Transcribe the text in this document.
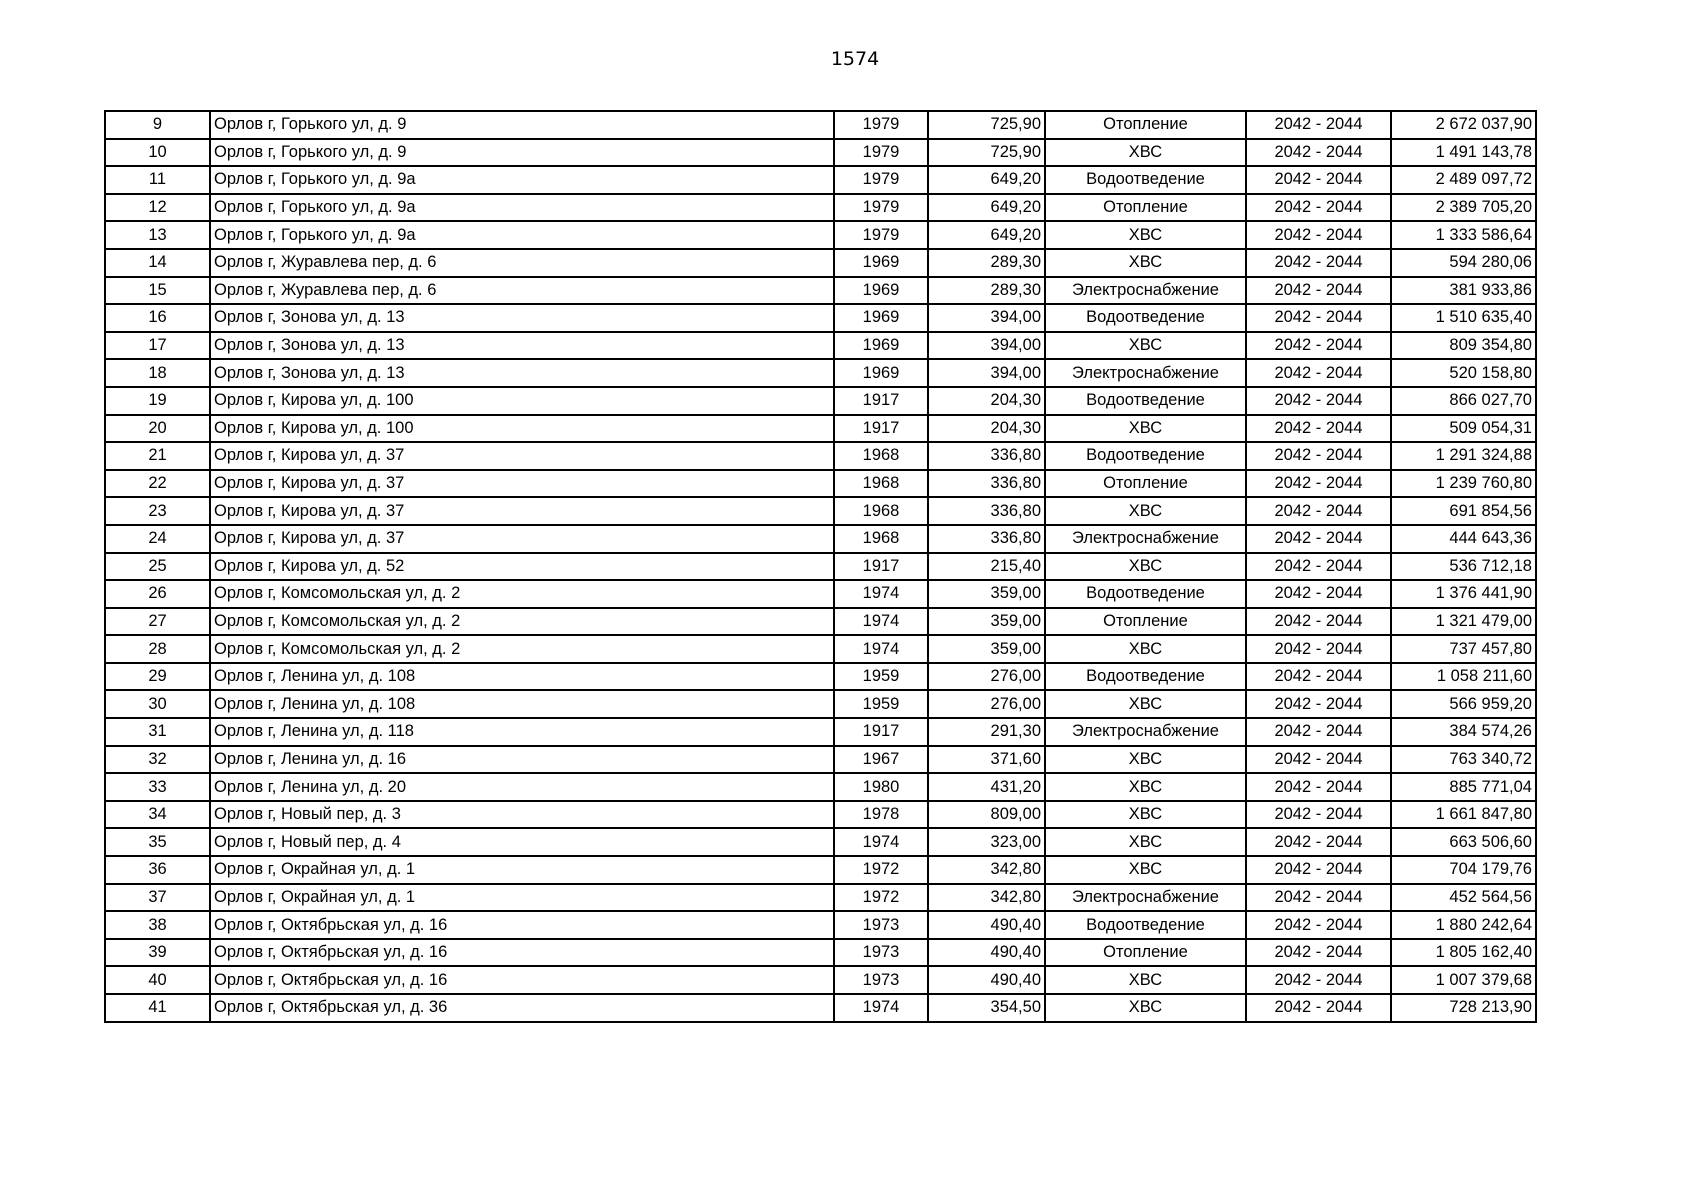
1574
9	Орлов г, Горького ул, д. 9	1979	725,90	Отопление	2042 - 2044	2 672 037,90
10	Орлов г, Горького ул, д. 9	1979	725,90	ХВС	2042 - 2044	1 491 143,78
11	Орлов г, Горького ул, д. 9а	1979	649,20	Водоотведение	2042 - 2044	2 489 097,72
12	Орлов г, Горького ул, д. 9а	1979	649,20	Отопление	2042 - 2044	2 389 705,20
13	Орлов г, Горького ул, д. 9а	1979	649,20	ХВС	2042 - 2044	1 333 586,64
14	Орлов г, Журавлева пер, д. 6	1969	289,30	ХВС	2042 - 2044	594 280,06
15	Орлов г, Журавлева пер, д. 6	1969	289,30	Электроснабжение	2042 - 2044	381 933,86
16	Орлов г, Зонова ул, д. 13	1969	394,00	Водоотведение	2042 - 2044	1 510 635,40
17	Орлов г, Зонова ул, д. 13	1969	394,00	ХВС	2042 - 2044	809 354,80
18	Орлов г, Зонова ул, д. 13	1969	394,00	Электроснабжение	2042 - 2044	520 158,80
19	Орлов г, Кирова ул, д. 100	1917	204,30	Водоотведение	2042 - 2044	866 027,70
20	Орлов г, Кирова ул, д. 100	1917	204,30	ХВС	2042 - 2044	509 054,31
21	Орлов г, Кирова ул, д. 37	1968	336,80	Водоотведение	2042 - 2044	1 291 324,88
22	Орлов г, Кирова ул, д. 37	1968	336,80	Отопление	2042 - 2044	1 239 760,80
23	Орлов г, Кирова ул, д. 37	1968	336,80	ХВС	2042 - 2044	691 854,56
24	Орлов г, Кирова ул, д. 37	1968	336,80	Электроснабжение	2042 - 2044	444 643,36
25	Орлов г, Кирова ул, д. 52	1917	215,40	ХВС	2042 - 2044	536 712,18
26	Орлов г, Комсомольская ул, д. 2	1974	359,00	Водоотведение	2042 - 2044	1 376 441,90
27	Орлов г, Комсомольская ул, д. 2	1974	359,00	Отопление	2042 - 2044	1 321 479,00
28	Орлов г, Комсомольская ул, д. 2	1974	359,00	ХВС	2042 - 2044	737 457,80
29	Орлов г, Ленина ул, д. 108	1959	276,00	Водоотведение	2042 - 2044	1 058 211,60
30	Орлов г, Ленина ул, д. 108	1959	276,00	ХВС	2042 - 2044	566 959,20
31	Орлов г, Ленина ул, д. 118	1917	291,30	Электроснабжение	2042 - 2044	384 574,26
32	Орлов г, Ленина ул, д. 16	1967	371,60	ХВС	2042 - 2044	763 340,72
33	Орлов г, Ленина ул, д. 20	1980	431,20	ХВС	2042 - 2044	885 771,04
34	Орлов г, Новый пер, д. 3	1978	809,00	ХВС	2042 - 2044	1 661 847,80
35	Орлов г, Новый пер, д. 4	1974	323,00	ХВС	2042 - 2044	663 506,60
36	Орлов г, Окрайная ул, д. 1	1972	342,80	ХВС	2042 - 2044	704 179,76
37	Орлов г, Окрайная ул, д. 1	1972	342,80	Электроснабжение	2042 - 2044	452 564,56
38	Орлов г, Октябрьская ул, д. 16	1973	490,40	Водоотведение	2042 - 2044	1 880 242,64
39	Орлов г, Октябрьская ул, д. 16	1973	490,40	Отопление	2042 - 2044	1 805 162,40
40	Орлов г, Октябрьская ул, д. 16	1973	490,40	ХВС	2042 - 2044	1 007 379,68
41	Орлов г, Октябрьская ул, д. 36	1974	354,50	ХВС	2042 - 2044	728 213,90
